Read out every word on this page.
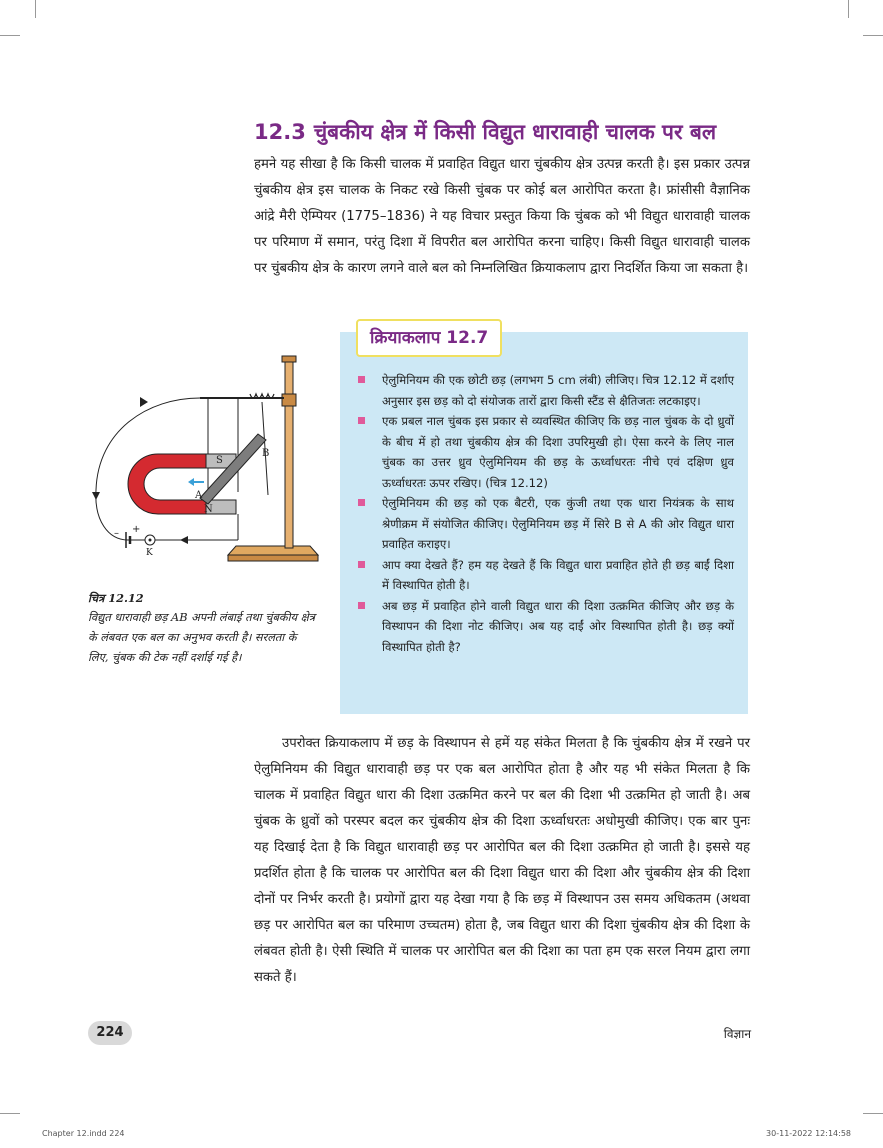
12.3 चुंबकीय क्षेत्र में किसी विद्युत धारावाही चालक पर बल

हमने यह सीखा है कि किसी चालक में प्रवाहित विद्युत धारा चुंबकीय क्षेत्र उत्पन्न करती है। इस प्रकार उत्पन्न चुंबकीय क्षेत्र इस चालक के निकट रखे किसी चुंबक पर कोई बल आरोपित करता है। फ्रांसीसी वैज्ञानिक आंद्रे मैरी ऐम्पियर (1775–1836) ने यह विचार प्रस्तुत किया कि चुंबक को भी विद्युत धारावाही चालक पर परिमाण में समान, परंतु दिशा में विपरीत बल आरोपित करना चाहिए। किसी विद्युत धारावाही चालक पर चुंबकीय क्षेत्र के कारण लगने वाले बल को निम्नलिखित क्रियाकलाप द्वारा निदर्शित किया जा सकता है।

A
B
S
N
K
– +
चित्र 12.12
विद्युत धारावाही छड़ AB अपनी लंबाई तथा चुंबकीय क्षेत्र के लंबवत एक बल का अनुभव करती है। सरलता के लिए, चुंबक की टेक नहीं दर्शाई गई है।
क्रियाकलाप 12.7
ऐलुमिनियम की एक छोटी छड़ (लगभग 5 cm लंबी) लीजिए। चित्र 12.12 में दर्शाए अनुसार इस छड़ को दो संयोजक तारों द्वारा किसी स्टैंड से क्षैतिजतः लटकाइए।
एक प्रबल नाल चुंबक इस प्रकार से व्यवस्थित कीजिए कि छड़ नाल चुंबक के दो ध्रुवों के बीच में हो तथा चुंबकीय क्षेत्र की दिशा उपरिमुखी हो। ऐसा करने के लिए नाल चुंबक का उत्तर ध्रुव ऐलुमिनियम की छड़ के ऊर्ध्वाधरतः नीचे एवं दक्षिण ध्रुव ऊर्ध्वाधरतः ऊपर रखिए। (चित्र 12.12)
ऐलुमिनियम की छड़ को एक बैटरी, एक कुंजी तथा एक धारा नियंत्रक के साथ श्रेणीक्रम में संयोजित कीजिए। ऐलुमिनियम छड़ में सिरे B से A की ओर विद्युत धारा प्रवाहित कराइए।
आप क्या देखते हैं? हम यह देखते हैं कि विद्युत धारा प्रवाहित होते ही छड़ बाईं दिशा में विस्थापित होती है।
अब छड़ में प्रवाहित होने वाली विद्युत धारा की दिशा उत्क्रमित कीजिए और छड़ के विस्थापन की दिशा नोट कीजिए। अब यह दाईं ओर विस्थापित होती है। छड़ क्यों विस्थापित होती है?

उपरोक्त क्रियाकलाप में छड़ के विस्थापन से हमें यह संकेत मिलता है कि चुंबकीय क्षेत्र में रखने पर ऐलुमिनियम की विद्युत धारावाही छड़ पर एक बल आरोपित होता है और यह भी संकेत मिलता है कि चालक में प्रवाहित विद्युत धारा की दिशा उत्क्रमित करने पर बल की दिशा भी उत्क्रमित हो जाती है। अब चुंबक के ध्रुवों को परस्पर बदल कर चुंबकीय क्षेत्र की दिशा ऊर्ध्वाधरतः अधोमुखी कीजिए। एक बार पुनः यह दिखाई देता है कि विद्युत धारावाही छड़ पर आरोपित बल की दिशा उत्क्रमित हो जाती है। इससे यह प्रदर्शित होता है कि चालक पर आरोपित बल की दिशा विद्युत धारा की दिशा और चुंबकीय क्षेत्र की दिशा दोनों पर निर्भर करती है। प्रयोगों द्वारा यह देखा गया है कि छड़ में विस्थापन उस समय अधिकतम (अथवा छड़ पर आरोपित बल का परिमाण उच्चतम) होता है, जब विद्युत धारा की दिशा चुंबकीय क्षेत्र की दिशा के लंबवत होती है। ऐसी स्थिति में चालक पर आरोपित बल की दिशा का पता हम एक सरल नियम द्वारा लगा सकते हैं।

224	विज्ञान
Chapter 12.indd 224	30-11-2022 12:14:58
